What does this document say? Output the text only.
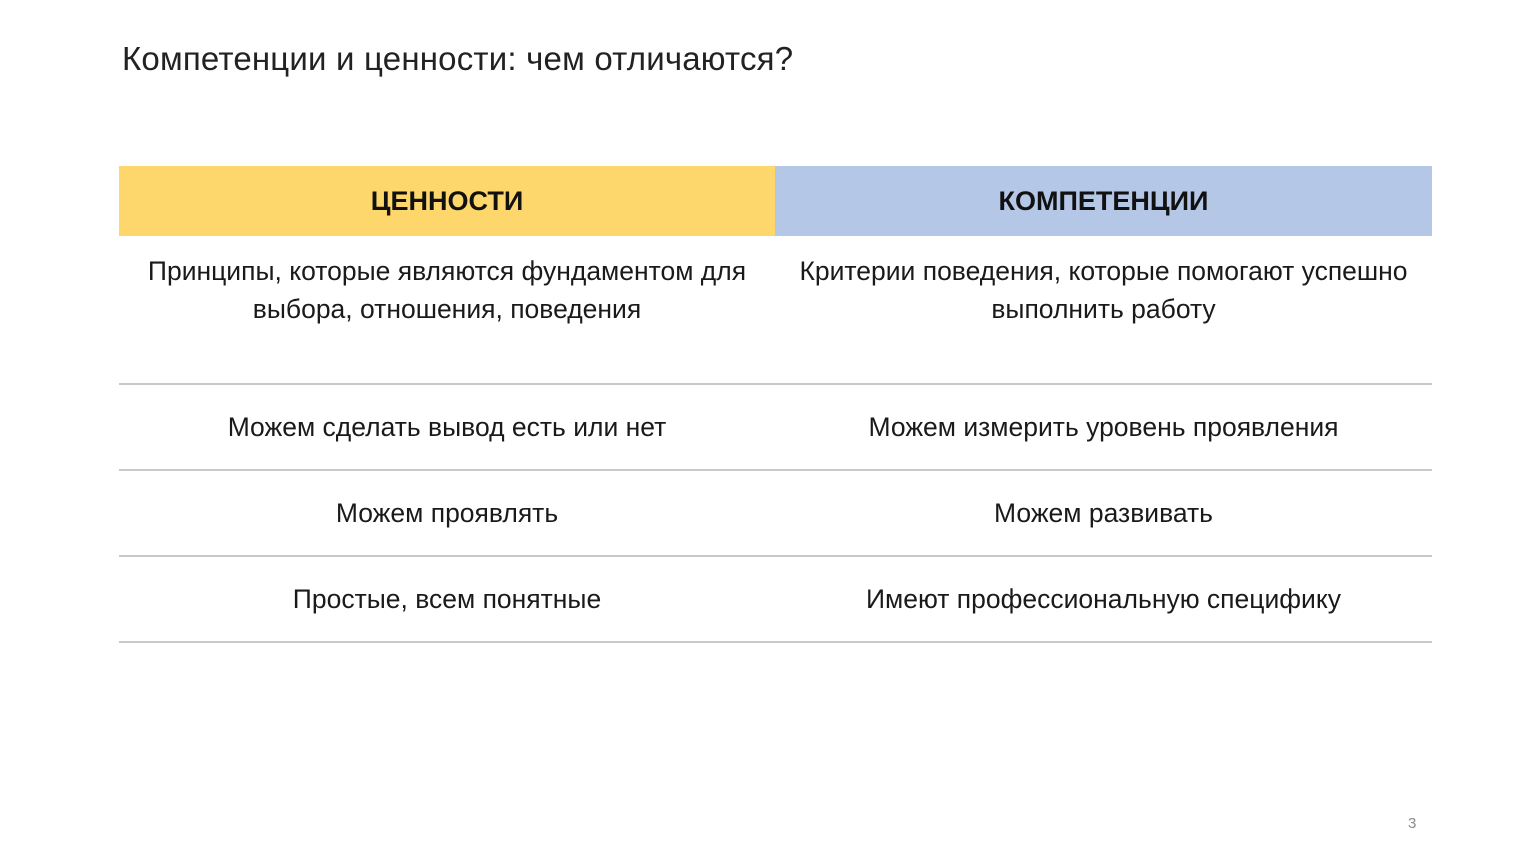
Компетенции и ценности: чем отличаются?
ЦЕННОСТИ	КОМПЕТЕНЦИИ
Принципы, которые являются фундаментом для выбора, отношения, поведения	Критерии поведения, которые помогают успешно выполнить работу
Можем сделать вывод есть или нет	Можем измерить уровень проявления
Можем проявлять	Можем развивать
Простые, всем понятные	Имеют профессиональную специфику
3
